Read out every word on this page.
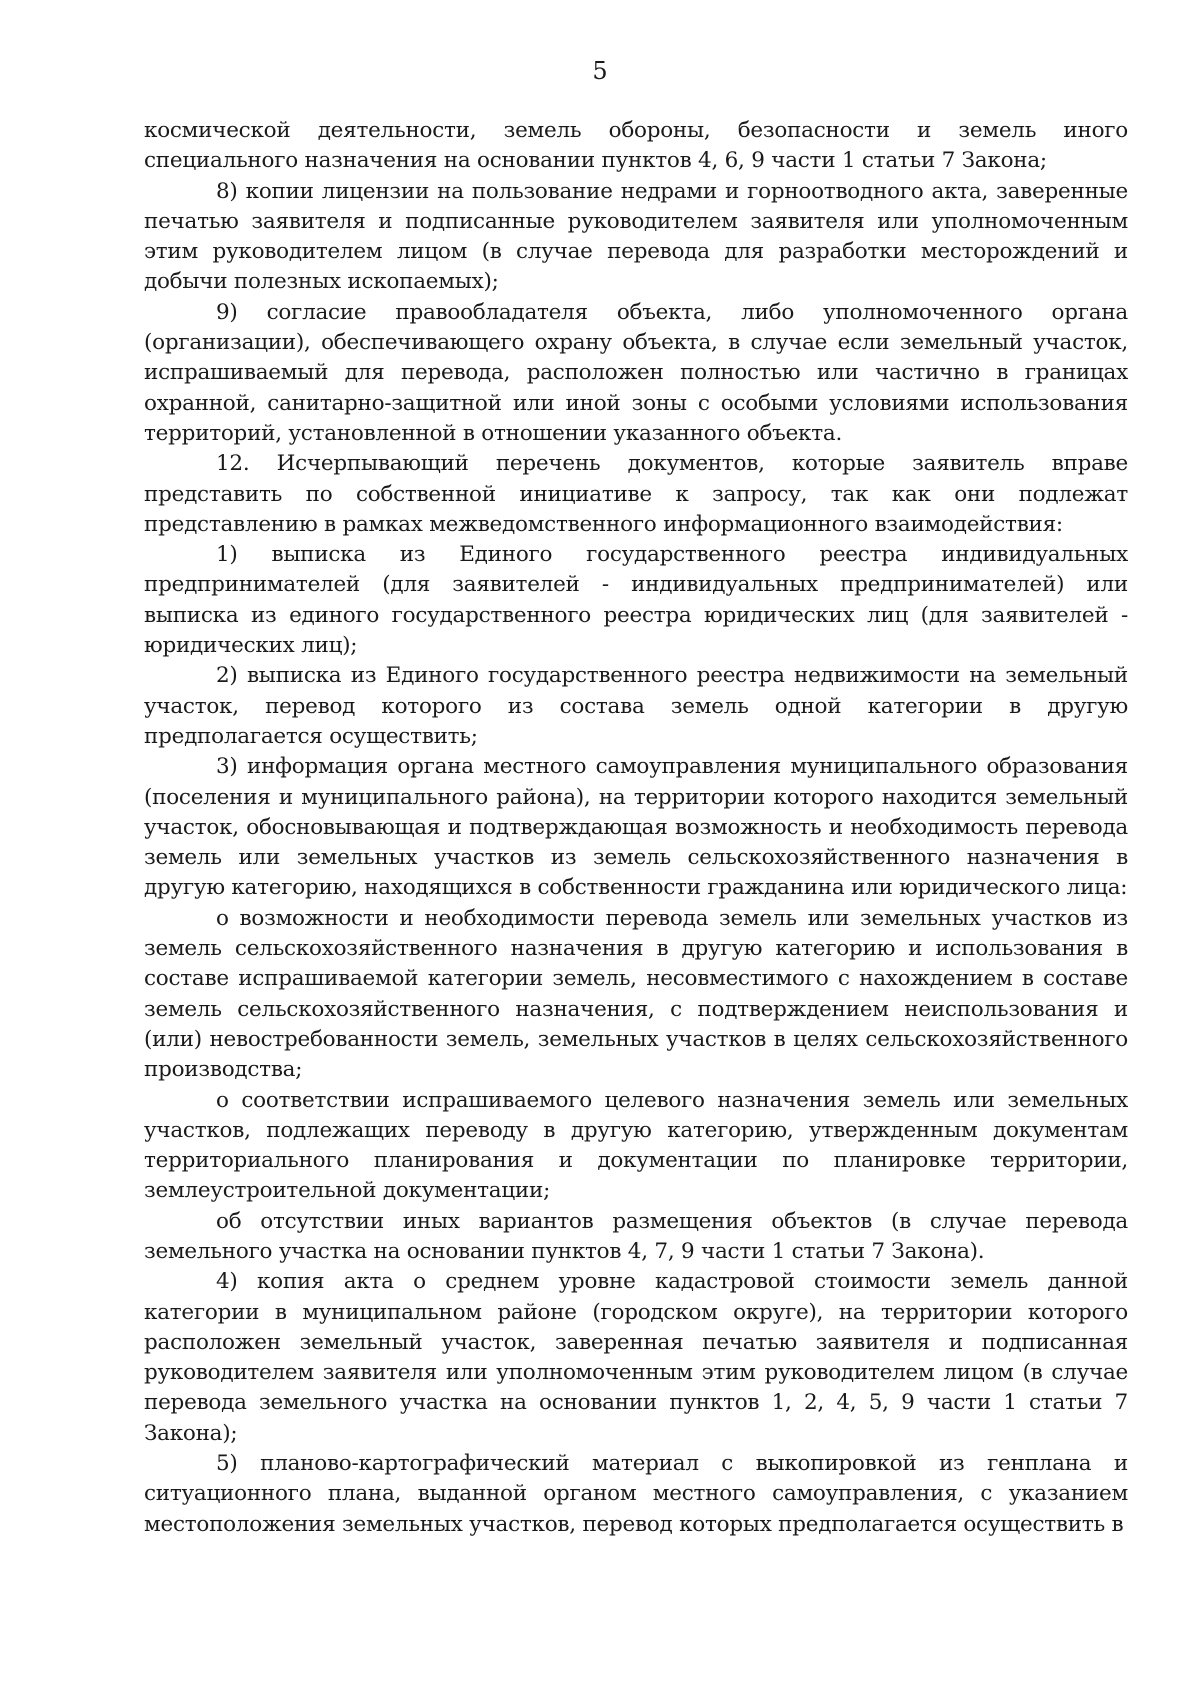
5

космической деятельности, земель обороны, безопасности и земель иного специального назначения на основании пунктов 4, 6, 9 части 1 статьи 7 Закона;

8) копии лицензии на пользование недрами и горноотводного акта, заверенные печатью заявителя и подписанные руководителем заявителя или уполномоченным этим руководителем лицом (в случае перевода для разработки месторождений и добычи полезных ископаемых);

9) согласие правообладателя объекта, либо уполномоченного органа (организации), обеспечивающего охрану объекта, в случае если земельный участок, испрашиваемый для перевода, расположен полностью или частично в границах охранной, санитарно-защитной или иной зоны с особыми условиями использования территорий, установленной в отношении указанного объекта.

12. Исчерпывающий перечень документов, которые заявитель вправе представить по собственной инициативе к запросу, так как они подлежат представлению в рамках межведомственного информационного взаимодействия:

1) выписка из Единого государственного реестра индивидуальных предпринимателей (для заявителей - индивидуальных предпринимателей) или выписка из единого государственного реестра юридических лиц (для заявителей - юридических лиц);

2) выписка из Единого государственного реестра недвижимости на земельный участок, перевод которого из состава земель одной категории в другую предполагается осуществить;

3) информация органа местного самоуправления муниципального образования (поселения и муниципального района), на территории которого находится земельный участок, обосновывающая и подтверждающая возможность и необходимость перевода земель или земельных участков из земель сельскохозяйственного назначения в другую категорию, находящихся в собственности гражданина или юридического лица:

о возможности и необходимости перевода земель или земельных участков из земель сельскохозяйственного назначения в другую категорию и использования в составе испрашиваемой категории земель, несовместимого с нахождением в составе земель сельскохозяйственного назначения, с подтверждением неиспользования и (или) невостребованности земель, земельных участков в целях сельскохозяйственного производства;

о соответствии испрашиваемого целевого назначения земель или земельных участков, подлежащих переводу в другую категорию, утвержденным документам территориального планирования и документации по планировке территории, землеустроительной документации;

об отсутствии иных вариантов размещения объектов (в случае перевода земельного участка на основании пунктов 4, 7, 9 части 1 статьи 7 Закона).

4) копия акта о среднем уровне кадастровой стоимости земель данной категории в муниципальном районе (городском округе), на территории которого расположен земельный участок, заверенная печатью заявителя и подписанная руководителем заявителя или уполномоченным этим руководителем лицом (в случае перевода земельного участка на основании пунктов 1, 2, 4, 5, 9 части 1 статьи 7 Закона);

5) планово-картографический материал с выкопировкой из генплана и ситуационного плана, выданной органом местного самоуправления, с указанием местоположения земельных участков, перевод которых предполагается осуществить в
